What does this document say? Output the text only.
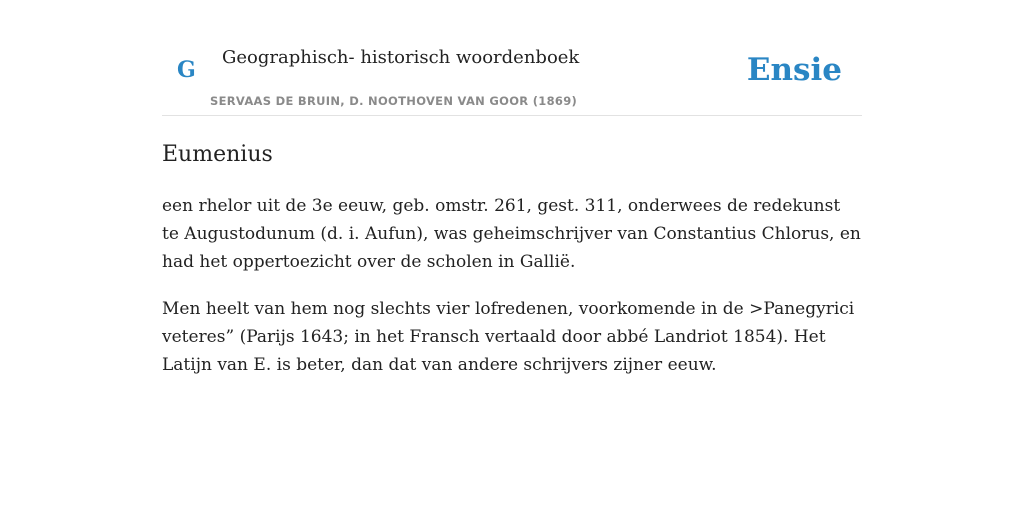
G Geographisch- historisch woordenboek
SERVAAS DE BRUIN, D. NOOTHOVEN VAN GOOR (1869)
Ensie
Eumenius

een rhelor uit de 3e eeuw, geb. omstr. 261, gest. 311, onderwees de redekunst te Augustodunum (d. i. Aufun), was geheimschrijver van Constantius Chlorus, en had het oppertoezicht over de scholen in Gallië.

Men heelt van hem nog slechts vier lofredenen, voorkomende in de >Panegyrici veteres” (Parijs 1643; in het Fransch vertaald door abbé Landriot 1854). Het Latijn van E. is beter, dan dat van andere schrijvers zijner eeuw.
